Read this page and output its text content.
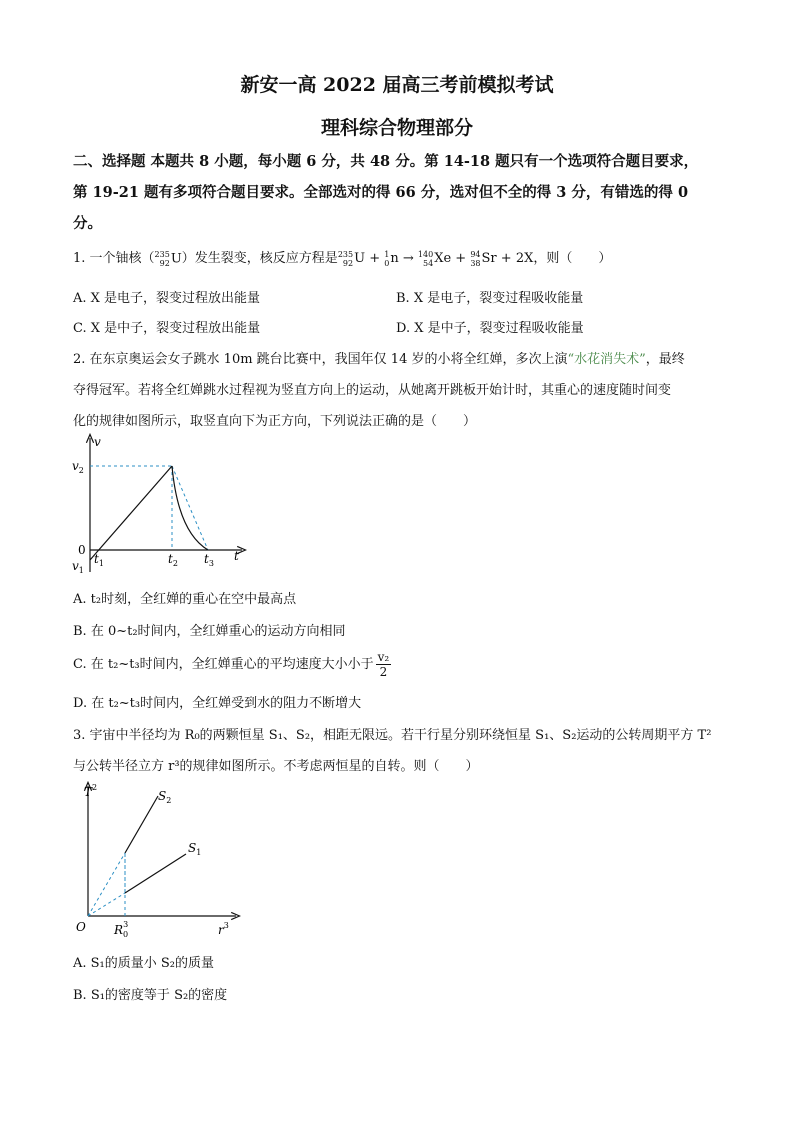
新安一高 2022 届高三考前模拟考试
理科综合物理部分
二、选择题 本题共 8 小题，每小题 6 分，共 48 分。第 14-18 题只有一个选项符合题目要求，
第 19-21 题有多项符合题目要求。全部选对的得 66 分，选对但不全的得 3 分，有错选的得 0
分。
1. 一个铀核（ 235
92 U）发生裂变，核反应方程是 235
92 U + 1
0 n → 140
54 Xe + 94
38 Sr + 2X，则（　　）
A. X 是电子，裂变过程放出能量	B. X 是电子，裂变过程吸收能量
C. X 是中子，裂变过程放出能量	D. X 是中子，裂变过程吸收能量
2. 在东京奥运会女子跳水 10m 跳台比赛中，我国年仅 14 岁的小将全红婵，多次上演“水花消失术”，最终
夺得冠军。若将全红婵跳水过程视为竖直方向上的运动，从她离开跳板开始计时，其重心的速度随时间变
化的规律如图所示，取竖直向下为正方向，下列说法正确的是（　　）
v
t
$v_2$
0
$v_1$
$t_1$	$t_2$ $t_3$
A. t₂时刻，全红婵的重心在空中最高点
B. 在 0~t₂时间内，全红婵重心的运动方向相同
C. 在 t₂~t₃时间内，全红婵重心的平均速度大小小于 $\frac{\text{v₂}}{2}$
D. 在 t₂~t₃时间内，全红婵受到水的阻力不断增大
3. 宇宙中半径均为 R₀的两颗恒星 S₁、S₂，相距无限远。若干行星分别环绕恒星 S₁、S₂运动的公转周期平方 T²
与公转半径立方 r³的规律如图所示。不考虑两恒星的自转。则（　　）
$T^2$
$r^3$
O $R_03$
$S_2$
$S_1$
A. S₁的质量小 S₂的质量
B. S₁的密度等于 S₂的密度
